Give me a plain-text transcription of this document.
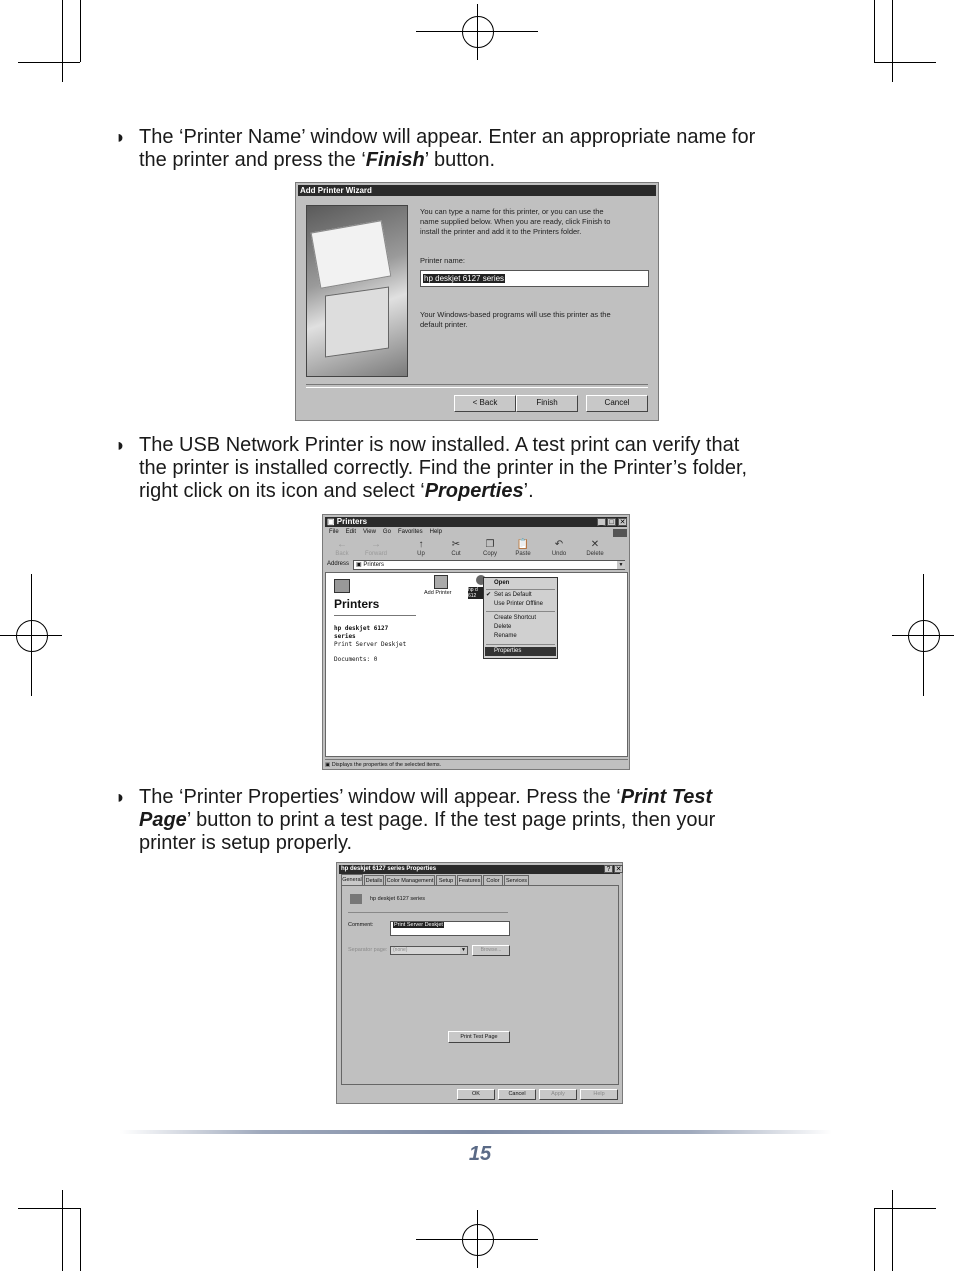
◗ The ‘Printer Name’ window will appear. Enter an appropriate name for
the printer and press the ‘Finish’ button.
Add Printer Wizard
You can type a name for this printer, or you can use the
name supplied below. When you are ready, click Finish to
install the printer and add it to the Printers folder.
Printer name:
hp deskjet 6127 series
Your Windows-based programs will use this printer as the
default printer.
< Back	Finish	Cancel
◗ The USB Network Printer is now installed. A test print can verify that
the printer is installed correctly. Find the printer in the Printer’s folder,
right click on its icon and select ‘Properties’.
▣ Printers	_ □ ✕
File Edit View Go Favorites Help
←
Back
→
Forward
↑
Up
✂
Cut
❐
Copy
📋
Paste
↶
Undo
✕
Delete
Address	▣ Printers	▼
Printers
hp deskjet 6127
series
Print Server Deskjet
Documents: 0
Add Printer	hp d
612
Open
✔ Set as Default
Use Printer Offline
Create Shortcut
Delete
Rename
Properties
▣ Displays the properties of the selected items.
◗ The ‘Printer Properties’ window will appear. Press the ‘Print Test
Page’ button to print a test page. If the test page prints, then your
printer is setup properly.
hp deskjet 6127 series Properties	? ✕
General Details Color Management Setup Features	Color	Services
hp deskjet 6127 series
Comment:	Print Server Deskjet
Separator page:	(none)	▼	Browse...
Print Test Page
OK	Cancel	Apply	Help
15
